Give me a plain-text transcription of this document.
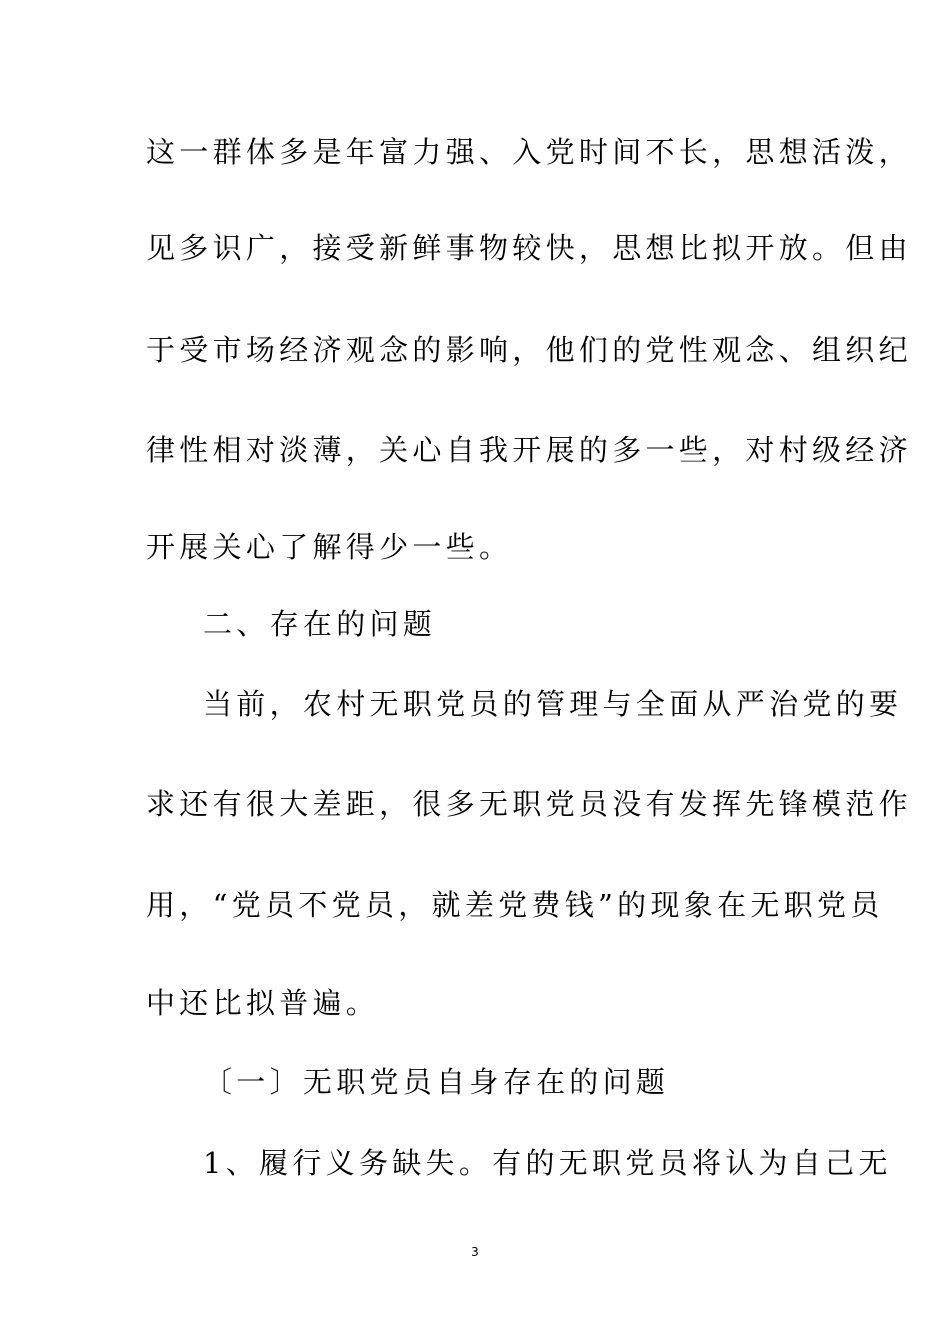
这一群体多是年富力强、入党时间不长，思想活泼，
见多识广，接受新鲜事物较快，思想比拟开放。但由
于受市场经济观念的影响，他们的党性观念、组织纪
律性相对淡薄，关心自我开展的多一些，对村级经济
开展关心了解得少一些。
二、存在的问题
当前，农村无职党员的管理与全面从严治党的要
求还有很大差距，很多无职党员没有发挥先锋模范作
用，“党员不党员，就差党费钱”的现象在无职党员
中还比拟普遍。
〔一〕无职党员自身存在的问题
1、履行义务缺失。有的无职党员将认为自己无
3
